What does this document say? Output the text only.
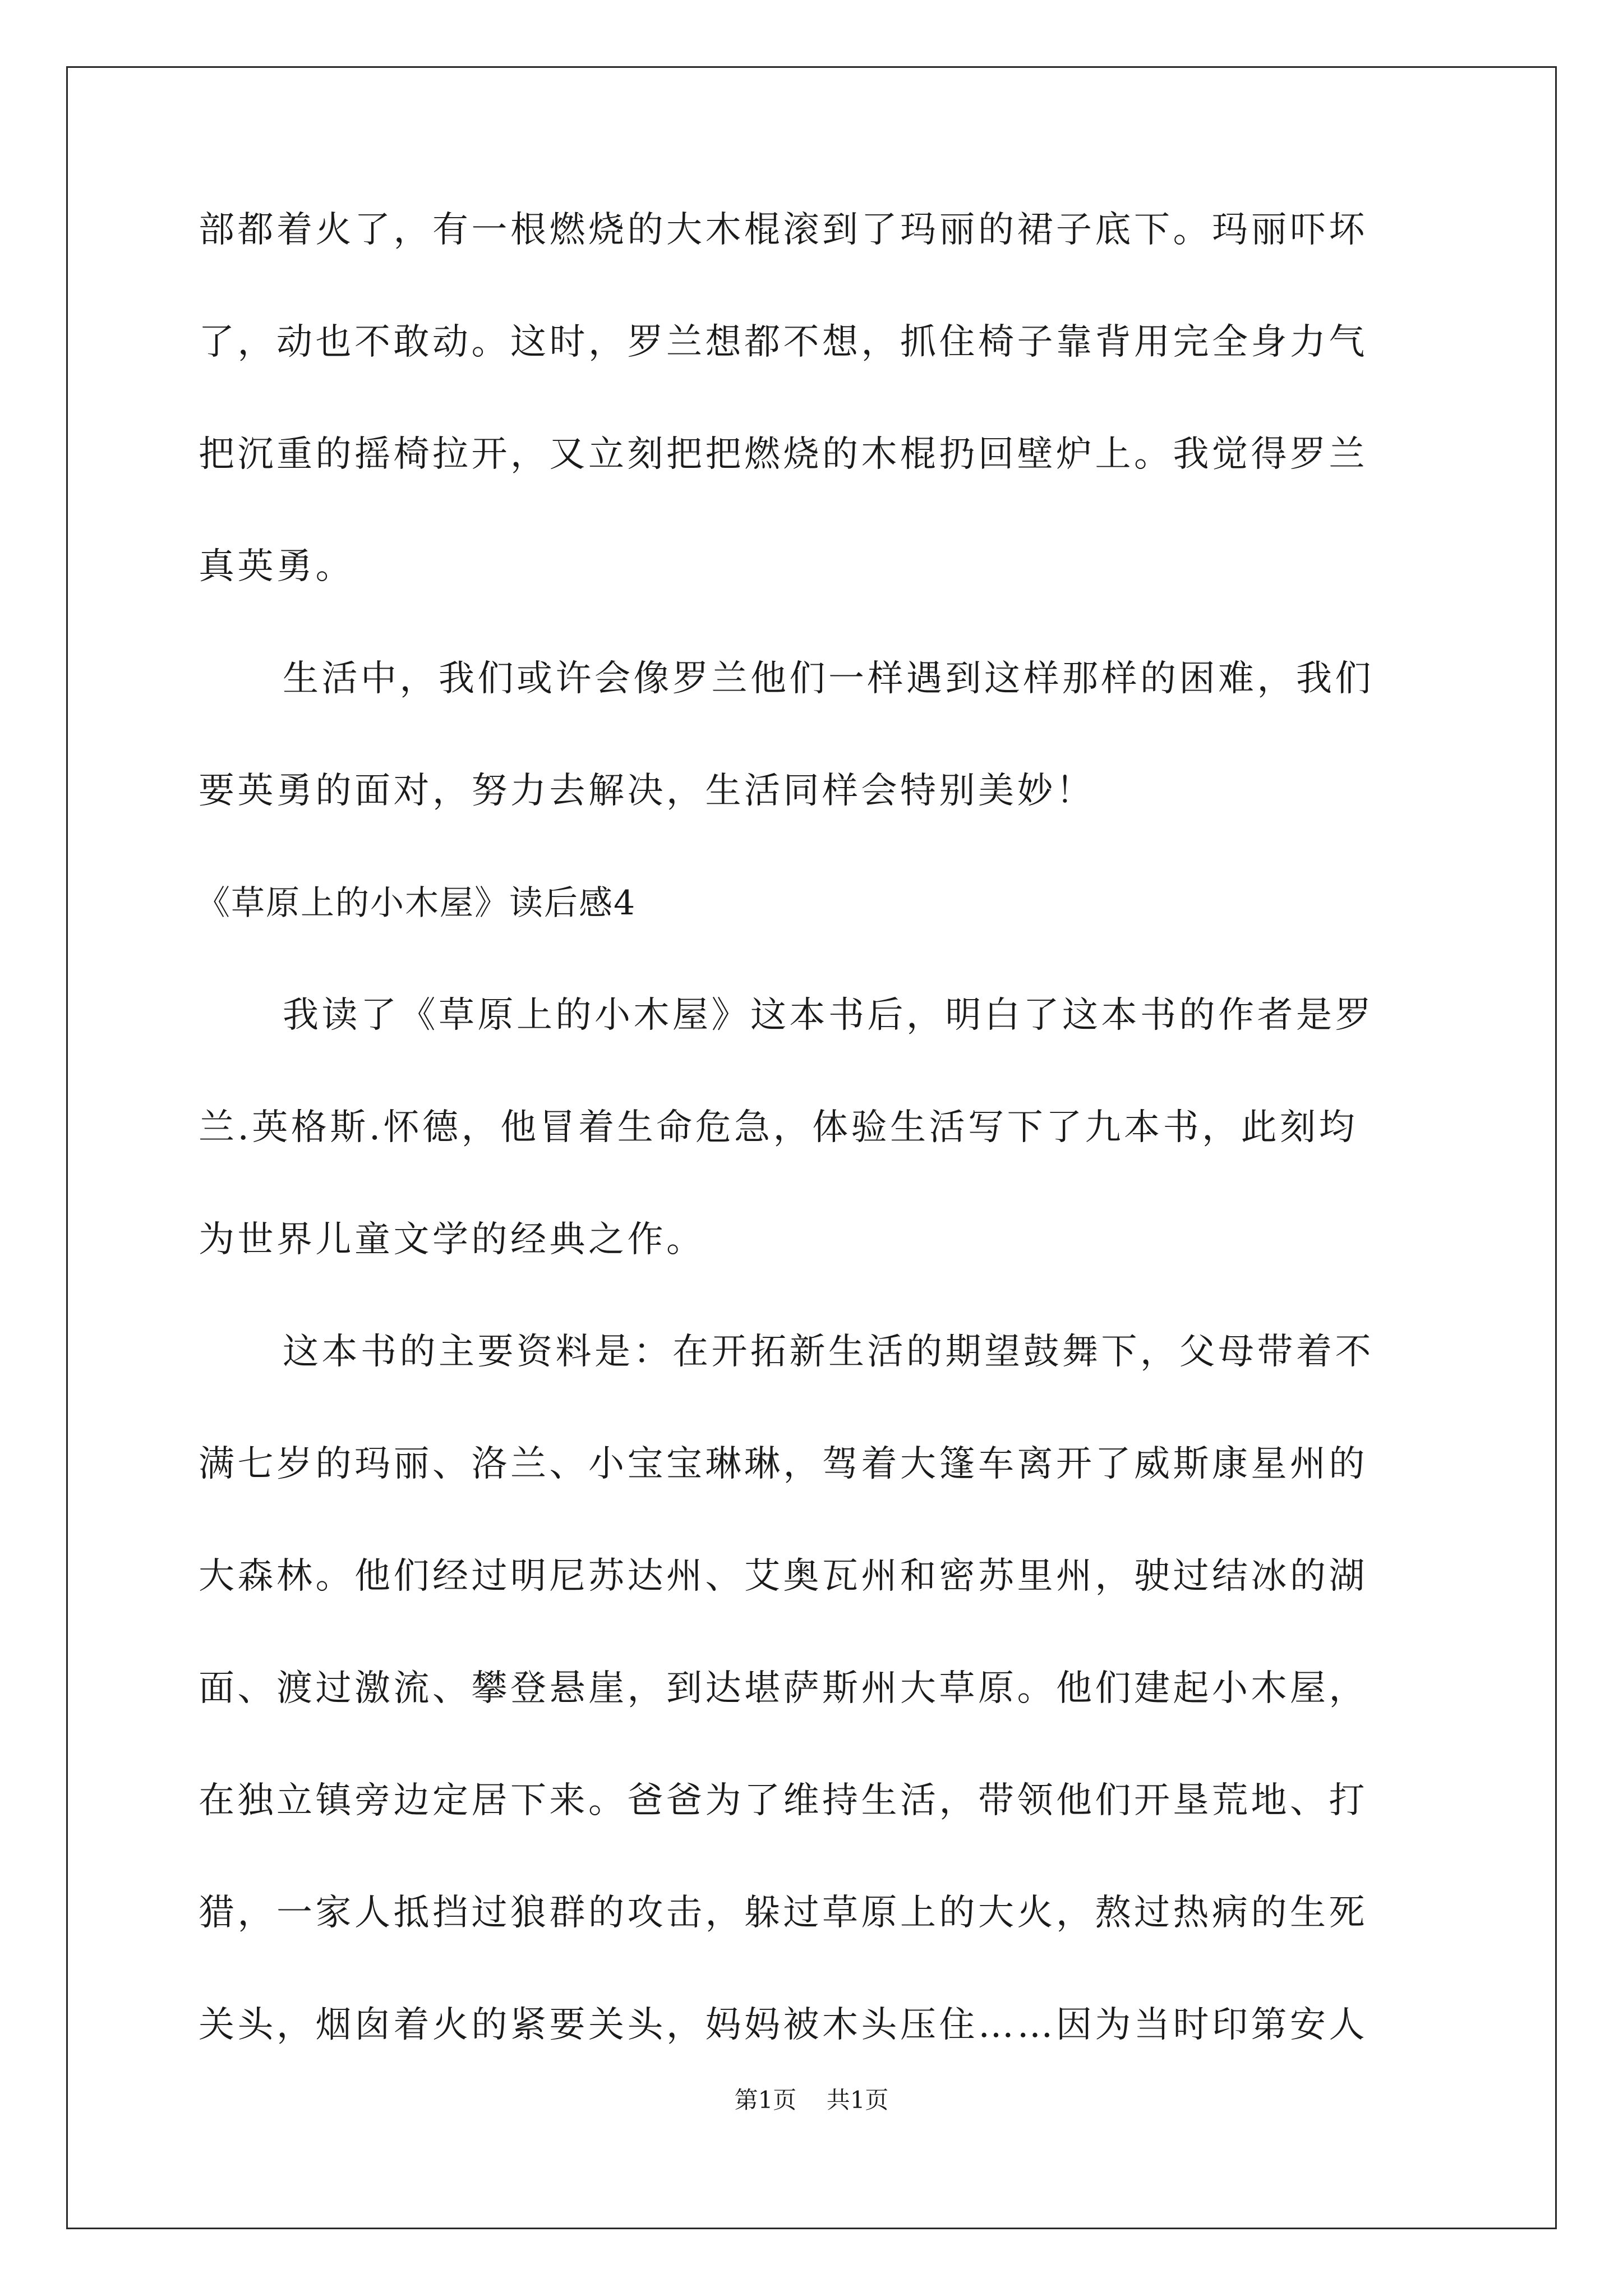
部都着火了，有一根燃烧的大木棍滚到了玛丽的裙子底下。玛丽吓坏

了，动也不敢动。这时，罗兰想都不想，抓住椅子靠背用完全身力气

把沉重的摇椅拉开，又立刻把把燃烧的木棍扔回壁炉上。我觉得罗兰

真英勇。

生活中，我们或许会像罗兰他们一样遇到这样那样的困难，我们

要英勇的面对，努力去解决，生活同样会特别美妙！

《草原上的小木屋》读后感4

我读了《草原上的小木屋》这本书后，明白了这本书的作者是罗

兰.英格斯.怀德，他冒着生命危急，体验生活写下了九本书，此刻均

为世界儿童文学的经典之作。

这本书的主要资料是：在开拓新生活的期望鼓舞下，父母带着不

满七岁的玛丽、洛兰、小宝宝琳琳，驾着大篷车离开了威斯康星州的

大森林。他们经过明尼苏达州、艾奥瓦州和密苏里州，驶过结冰的湖

面、渡过激流、攀登悬崖，到达堪萨斯州大草原。他们建起小木屋，

在独立镇旁边定居下来。爸爸为了维持生活，带领他们开垦荒地、打

猎，一家人抵挡过狼群的攻击，躲过草原上的大火，熬过热病的生死

关头，烟囱着火的紧要关头，妈妈被木头压住……因为当时印第安人

第1页 共1页
